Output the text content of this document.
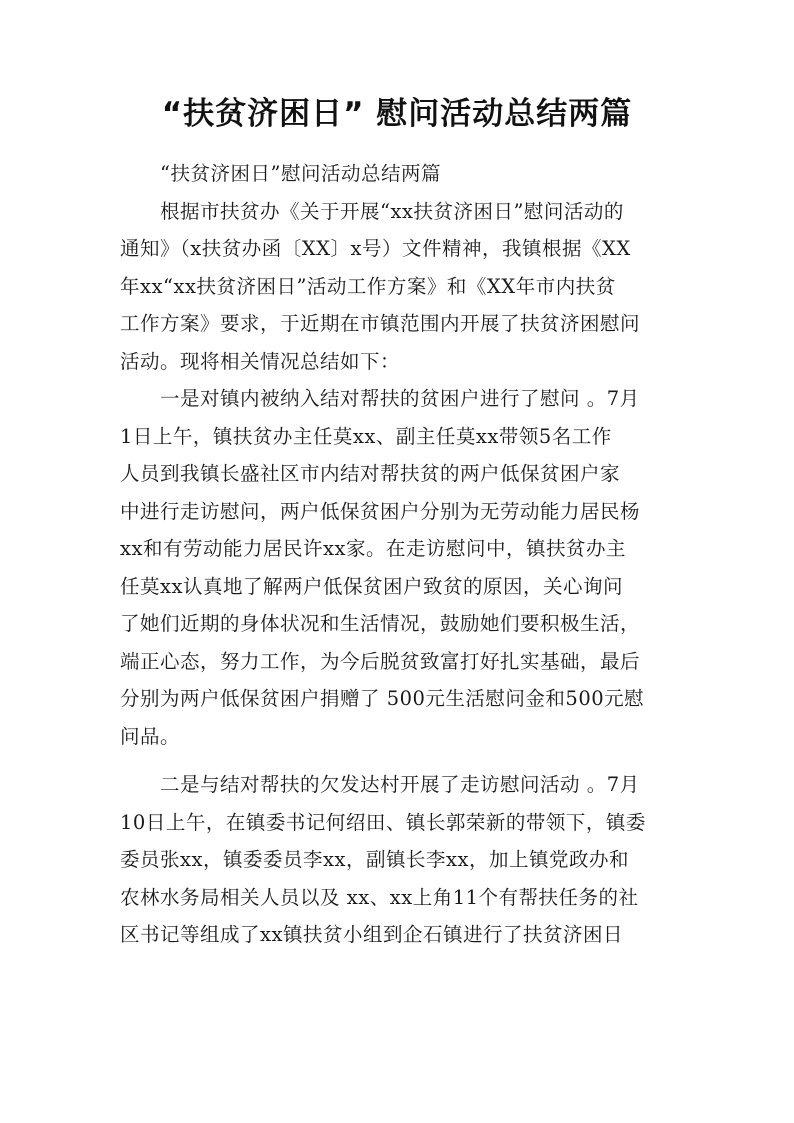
“扶贫济困日” 慰问活动总结两篇
　　“扶贫济困日”慰问活动总结两篇
　　根据市扶贫办《关于开展“xx扶贫济困日”慰问活动的
通知》（x扶贫办函〔XX〕x号）文件精神，我镇根据《XX
年xx“xx扶贫济困日”活动工作方案》和《XX年市内扶贫
工作方案》要求，于近期在市镇范围内开展了扶贫济困慰问
活动。现将相关情况总结如下：
　　一是对镇内被纳入结对帮扶的贫困户进行了慰问 。7月
1日上午，镇扶贫办主任莫xx、副主任莫xx带领5名工作
人员到我镇长盛社区市内结对帮扶贫的两户低保贫困户家
中进行走访慰问，两户低保贫困户分别为无劳动能力居民杨
xx和有劳动能力居民许xx家。在走访慰问中，镇扶贫办主
任莫xx认真地了解两户低保贫困户致贫的原因，关心询问
了她们近期的身体状况和生活情况，鼓励她们要积极生活，
端正心态，努力工作，为今后脱贫致富打好扎实基础，最后
分别为两户低保贫困户捐赠了 500元生活慰问金和500元慰
问品。
　　二是与结对帮扶的欠发达村开展了走访慰问活动 。7月
10日上午，在镇委书记何绍田、镇长郭荣新的带领下，镇委
委员张xx，镇委委员李xx，副镇长李xx，加上镇党政办和
农林水务局相关人员以及 xx、xx上角11个有帮扶任务的社
区书记等组成了xx镇扶贫小组到企石镇进行了扶贫济困日
